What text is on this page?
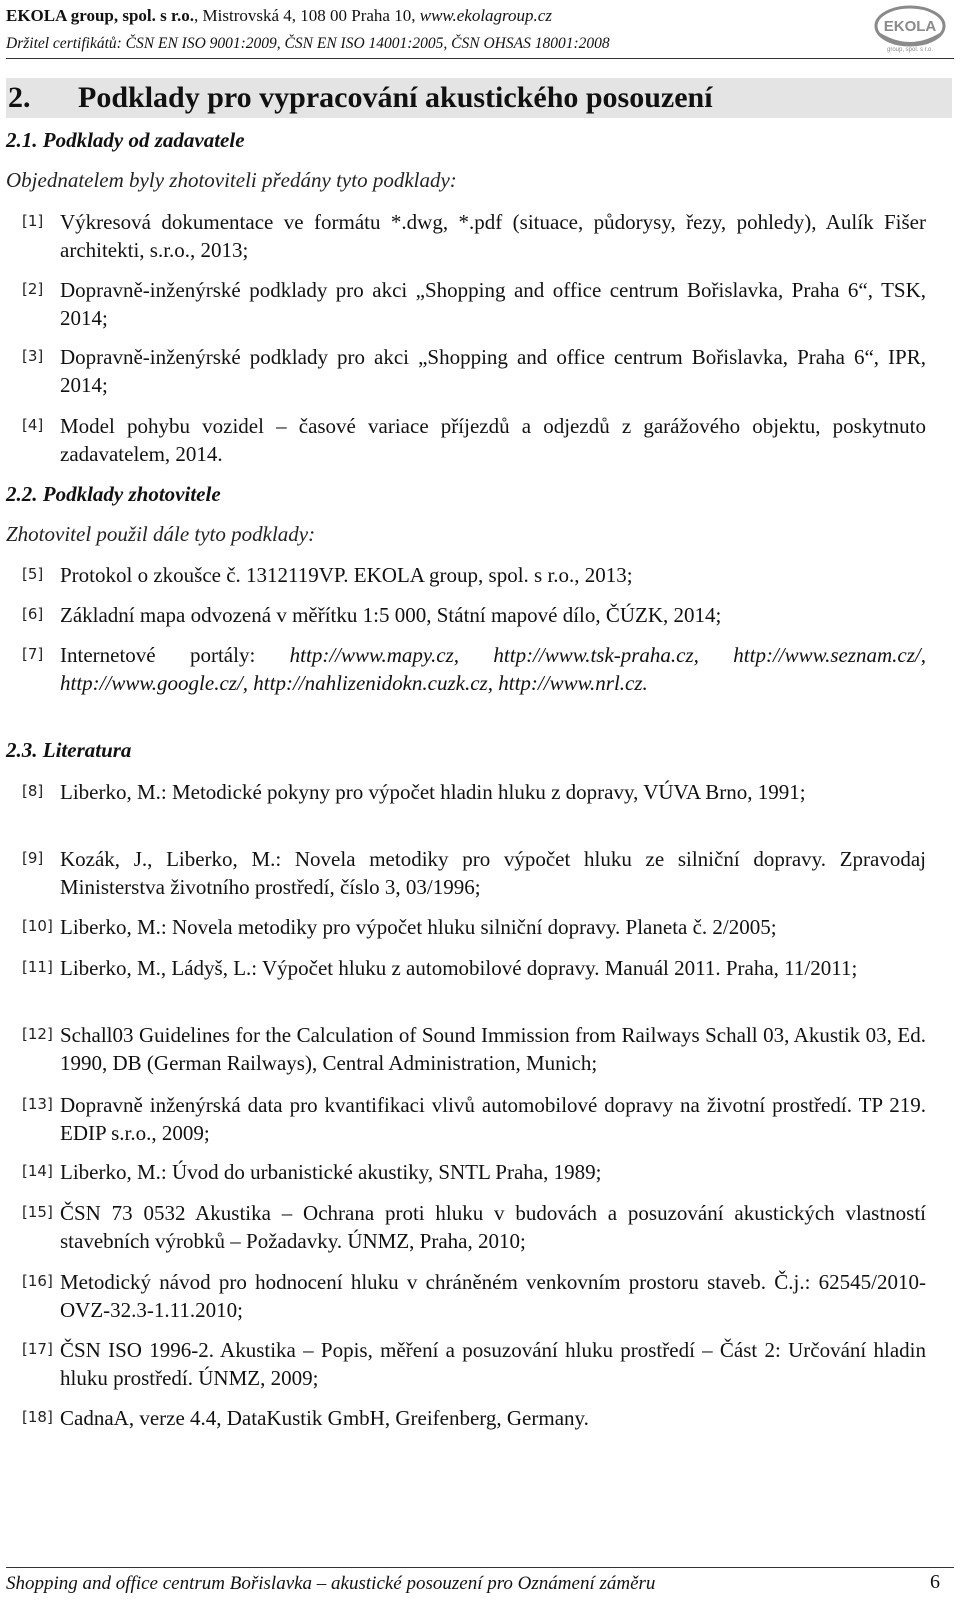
EKOLA group, spol. s r.o., Mistrovská 4, 108 00 Praha 10, www.ekolagroup.cz
Držitel certifikátů: ČSN EN ISO 9001:2009, ČSN EN ISO 14001:2005, ČSN OHSAS 18001:2008
EKOLA
group, spol. s r.o.
2. Podklady pro vypracování akustického posouzení
2.1. Podklady od zadavatele
Objednatelem byly zhotoviteli předány tyto podklady:
[1] Výkresová dokumentace ve formátu *.dwg, *.pdf (situace, půdorysy, řezy, pohledy), Aulík Fišer architekti, s.r.o., 2013;
[2] Dopravně-inženýrské podklady pro akci „Shopping and office centrum Bořislavka, Praha 6“, TSK, 2014;
[3] Dopravně-inženýrské podklady pro akci „Shopping and office centrum Bořislavka, Praha 6“, IPR, 2014;
[4] Model pohybu vozidel – časové variace příjezdů a odjezdů z garážového objektu, poskytnuto zadavatelem, 2014.
2.2. Podklady zhotovitele
Zhotovitel použil dále tyto podklady:
[5] Protokol o zkoušce č. 1312119VP. EKOLA group, spol. s r.o., 2013;
[6] Základní mapa odvozená v měřítku 1:5 000, Státní mapové dílo, ČÚZK, 2014;
[7] Internetové portály: http://www.mapy.cz, http://www.tsk-praha.cz, http://www.seznam.cz/, http://www.google.cz/, http://nahlizenidokn.cuzk.cz, http://www.nrl.cz.
2.3. Literatura
[8] Liberko, M.: Metodické pokyny pro výpočet hladin hluku z dopravy, VÚVA Brno, 1991;
[9] Kozák, J., Liberko, M.: Novela metodiky pro výpočet hluku ze silniční dopravy. Zpravodaj Ministerstva životního prostředí, číslo 3, 03/1996;
[10] Liberko, M.: Novela metodiky pro výpočet hluku silniční dopravy. Planeta č. 2/2005;
[11] Liberko, M., Ládyš, L.: Výpočet hluku z automobilové dopravy. Manuál 2011. Praha, 11/2011;
[12] Schall03 Guidelines for the Calculation of Sound Immission from Railways Schall 03, Akustik 03, Ed. 1990, DB (German Railways), Central Administration, Munich;
[13] Dopravně inženýrská data pro kvantifikaci vlivů automobilové dopravy na životní prostředí. TP 219. EDIP s.r.o., 2009;
[14] Liberko, M.: Úvod do urbanistické akustiky, SNTL Praha, 1989;
[15] ČSN 73 0532 Akustika – Ochrana proti hluku v budovách a posuzování akustických vlastností stavebních výrobků – Požadavky. ÚNMZ, Praha, 2010;
[16] Metodický návod pro hodnocení hluku v chráněném venkovním prostoru staveb. Č.j.: 62545/2010-OVZ-32.3-1.11.2010;
[17] ČSN ISO 1996-2. Akustika – Popis, měření a posuzování hluku prostředí – Část 2: Určování hladin hluku prostředí. ÚNMZ, 2009;
[18] CadnaA, verze 4.4, DataKustik GmbH, Greifenberg, Germany.
Shopping and office centrum Bořislavka – akustické posouzení pro Oznámení záměru	6
